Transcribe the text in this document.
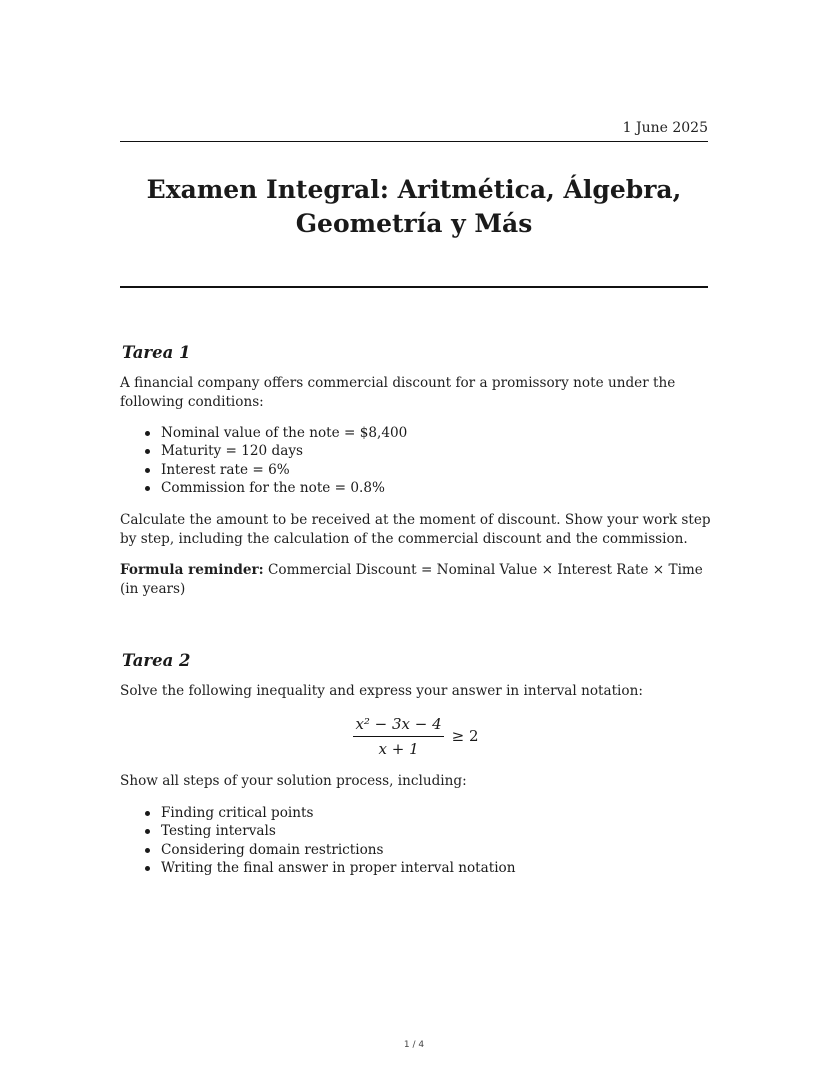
1 June 2025
Examen Integral: Aritmética, Álgebra, Geometría y Más
Tarea 1

A financial company offers commercial discount for a promissory note under the following conditions:

Nominal value of the note = $8,400
Maturity = 120 days
Interest rate = 6%
Commission for the note = 0.8%

Calculate the amount to be received at the moment of discount. Show your work step by step, including the calculation of the commercial discount and the commission.

Formula reminder: Commercial Discount = Nominal Value × Interest Rate × Time (in years)

Tarea 2

Solve the following inequality and express your answer in interval notation:

$\frac{\text{x² − 3x − 4}}{x + 1} \ge 2$

Show all steps of your solution process, including:

Finding critical points
Testing intervals
Considering domain restrictions
Writing the final answer in proper interval notation
1 / 4
